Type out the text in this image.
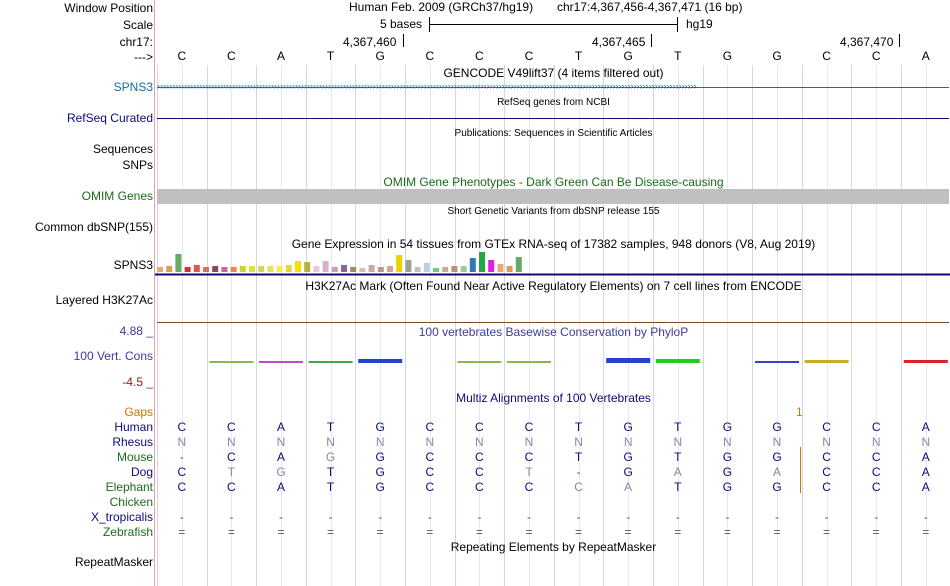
Window Position
Scale
chr17:
--->
Human Feb. 2009 (GRCh37/hg19) chr17:4,367,456-4,367,471 (16 bp)
5 bases	hg19
4,367,460	4,367,465	4,367,470
C	C	A	T	G	C	C	C	T	G	T	G	G	C	C	A
GENCODE V49lift37 (4 items filtered out)
SPNS3 ››››››››››››››››››››››››››››››››››››››››››››››››››››››››››››››››››››››››››››››››››››››››››››››››››››››››››››››››››››››››››››››››››››››››››››››››››››››››››››››››››››››››››››››››››››
RefSeq genes from NCBI
RefSeq Curated
Publications: Sequences in Scientific Articles
Sequences
SNPs
OMIM Gene Phenotypes - Dark Green Can Be Disease-causing
OMIM Genes
Short Genetic Variants from dbSNP release 155
Common dbSNP(155)
Gene Expression in 54 tissues from GTEx RNA-seq of 17382 samples, 948 donors (V8, Aug 2019)
SPNS3
H3K27Ac Mark (Often Found Near Active Regulatory Elements) on 7 cell lines from ENCODE
Layered H3K27Ac
100 vertebrates Basewise Conservation by PhyloP
4.88 _
100 Vert. Cons
-4.5 _
Multiz Alignments of 100 Vertebrates
Gaps	1
Human C	C	A	T	G	C	C	C	T	G	T	G	G	C	C	A
Rhesus N	N	N	N	N	N	N	N	N	N	N	N	N	N	N	N
Mouse	-	C	A	G	G	C	C	C	T	G	T	G	G	C	C	A
Dog C	T	G	T	G	C	C	T	-	G	A	G	A	C	C	A
Elephant C	C	A	T	G	C	C	C	C	A	T	G	G	C	C	A
Chicken
X_tropicalis	-	-	-	-	-	-	-	-	-	-	-	-	-	-	-	-
Zebrafish =	=	=	=	=	=	=	=	=	=	=	=	=	=	=	=
Repeating Elements by RepeatMasker
RepeatMasker
